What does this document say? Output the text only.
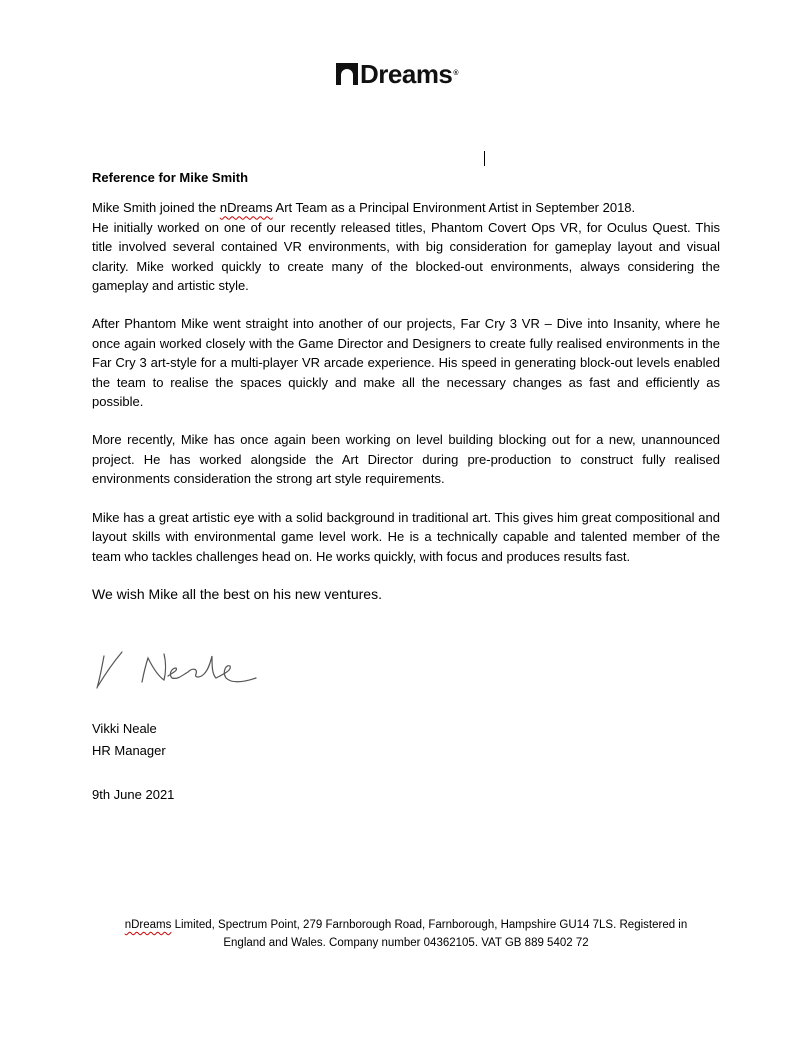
Dreams ®

Reference for Mike Smith

Mike Smith joined the nDreams Art Team as a Principal Environment Artist in September 2018.
He initially worked on one of our recently released titles, Phantom Covert Ops VR, for Oculus Quest. This title involved several contained VR environments, with big consideration for gameplay layout and visual clarity. Mike worked quickly to create many of the blocked-out environments, always considering the gameplay and artistic style.

After Phantom Mike went straight into another of our projects, Far Cry 3 VR – Dive into Insanity, where he once again worked closely with the Game Director and Designers to create fully realised environments in the Far Cry 3 art-style for a multi-player VR arcade experience. His speed in generating block-out levels enabled the team to realise the spaces quickly and make all the necessary changes as fast and efficiently as possible.

More recently, Mike has once again been working on level building blocking out for a new, unannounced project. He has worked alongside the Art Director during pre-production to construct fully realised environments consideration the strong art style requirements.

Mike has a great artistic eye with a solid background in traditional art. This gives him great compositional and layout skills with environmental game level work. He is a technically capable and talented member of the team who tackles challenges head on. He works quickly, with focus and produces results fast.

We wish Mike all the best on his new ventures.

Vikki Neale
HR Manager
9th June 2021
nDreams Limited, Spectrum Point, 279 Farnborough Road, Farnborough, Hampshire GU14 7LS. Registered in
England and Wales. Company number 04362105. VAT GB 889 5402 72
